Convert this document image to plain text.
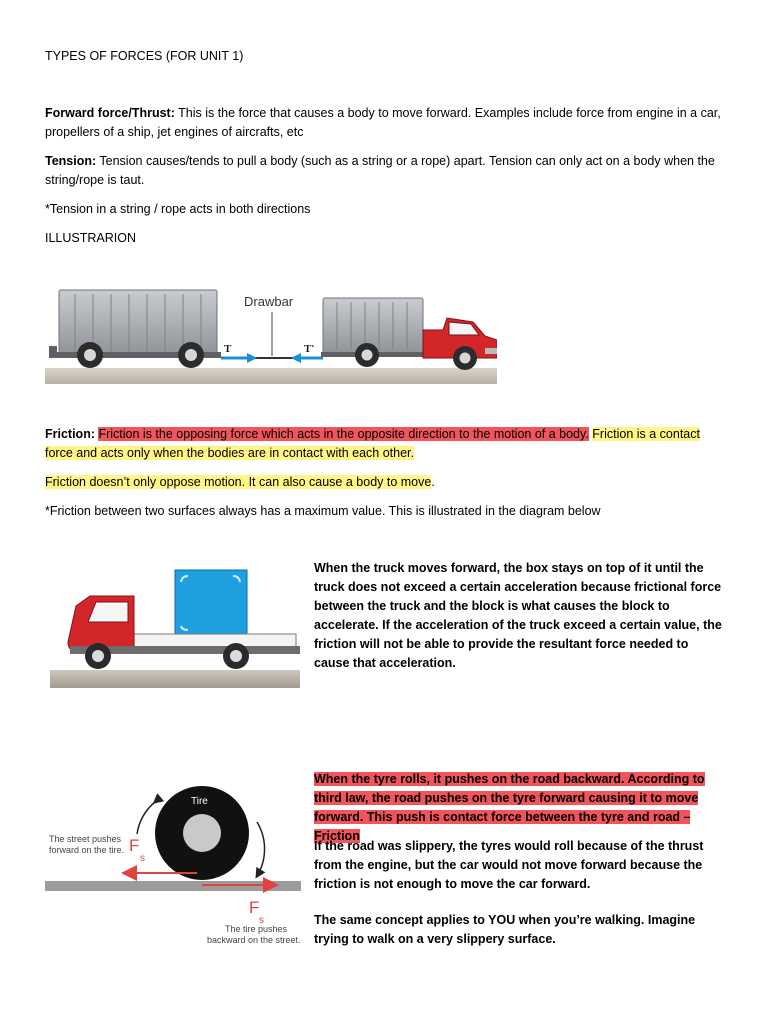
TYPES OF FORCES (FOR UNIT 1)

Forward force/Thrust: This is the force that causes a body to move forward. Examples include force from engine in a car, propellers of a ship, jet engines of aircrafts, etc

Tension: Tension causes/tends to pull a body (such as a string or a rope) apart. Tension can only act on a body when the string/rope is taut.

*Tension in a string / rope acts in both directions

ILLUSTRARION

Drawbar
T	T'

Friction: Friction is the opposing force which acts in the opposite direction to the motion of a body. Friction is a contact force and acts only when the bodies are in contact with each other.

Friction doesn’t only oppose motion. It can also cause a body to move.

*Friction between two surfaces always has a maximum value. This is illustrated in the diagram below

When the truck moves forward, the box stays on top of it until the truck does not exceed a certain acceleration because frictional force between the truck and the block is what causes the block to accelerate. If the acceleration of the truck exceed a certain value, the friction will not be able to provide the resultant force needed to cause that acceleration.

Tire
The street pushes
forward on the tire. F
s
F
s
The tire pushes
backward on the street.

When the tyre rolls, it pushes on the road backward. According to third law, the road pushes on the tyre forward causing it to move forward. This push is contact force between the tyre and road – Friction

If the road was slippery, the tyres would roll because of the thrust from the engine, but the car would not move forward because the friction is not enough to move the car forward.

The same concept applies to YOU when you’re walking. Imagine trying to walk on a very slippery surface.
